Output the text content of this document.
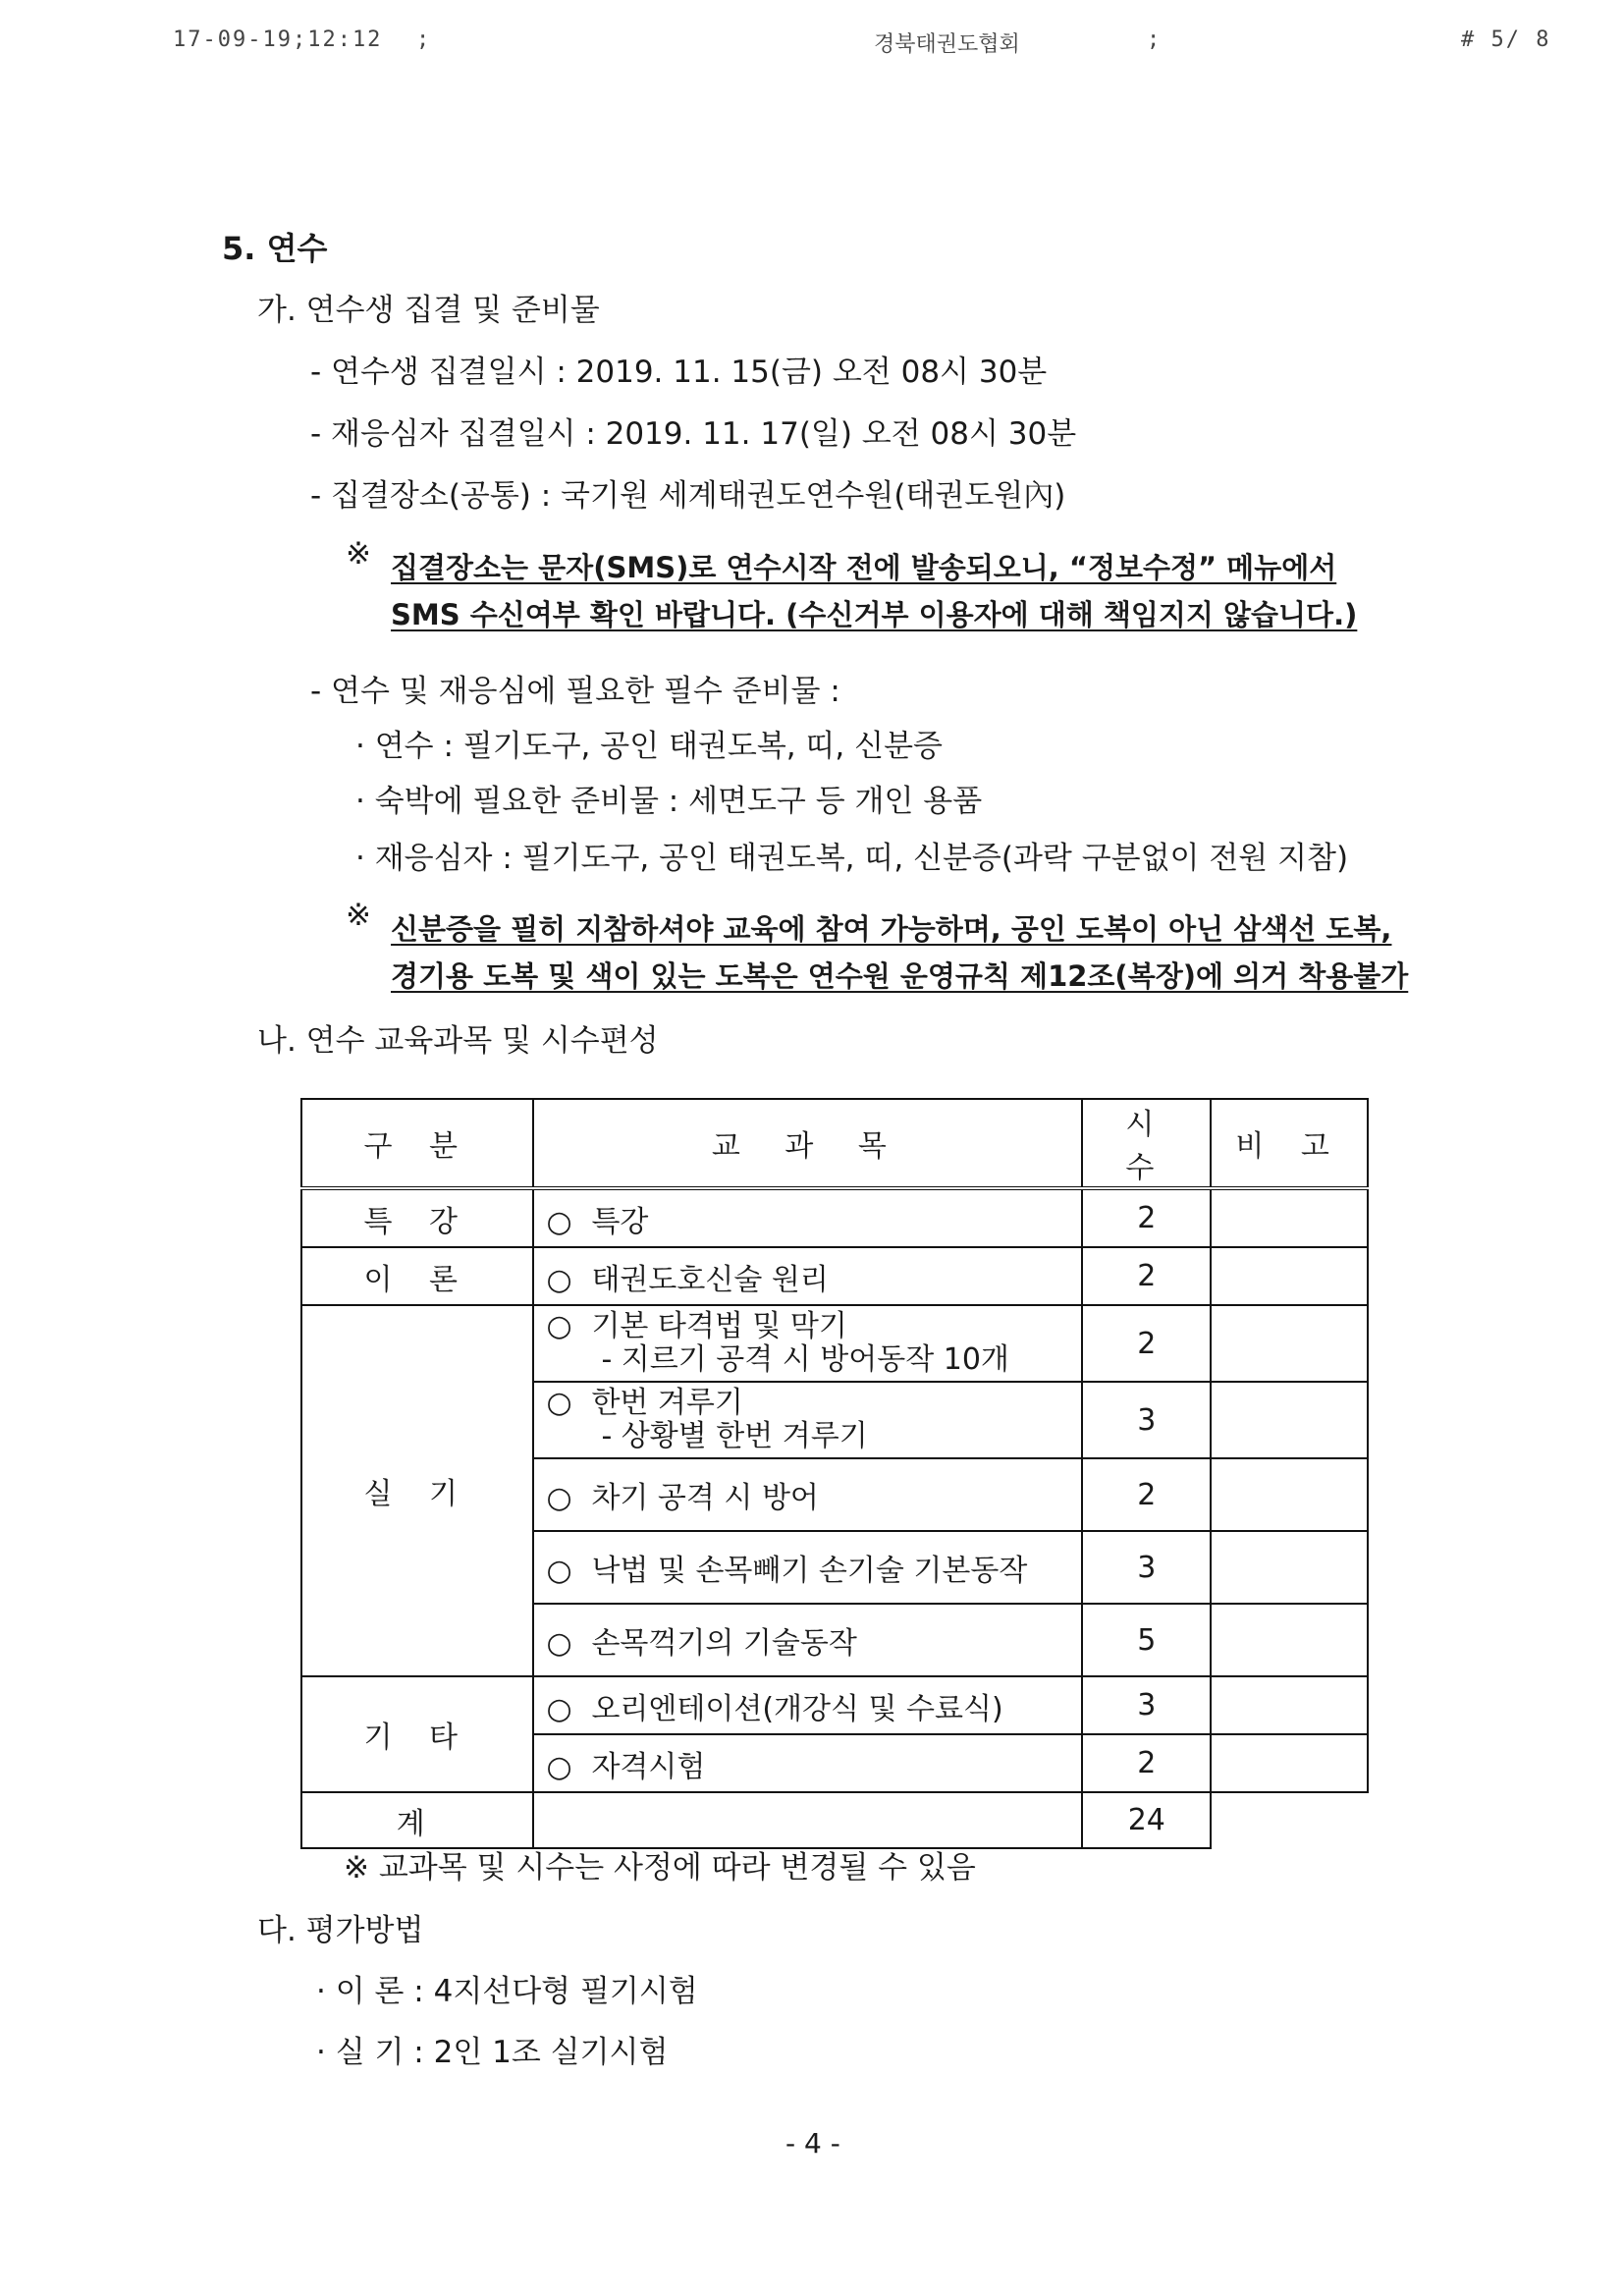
17-09-19;12:12 ;	경북태권도협회	;	# 5/ 8
5. 연수
가. 연수생 집결 및 준비물
- 연수생 집결일시 : 2019. 11. 15(금) 오전 08시 30분
- 재응심자 집결일시 : 2019. 11. 17(일) 오전 08시 30분
- 집결장소(공통) : 국기원 세계태권도연수원(태권도원內)
※ 집결장소는 문자(SMS)로 연수시작 전에 발송되오니, “정보수정” 메뉴에서
SMS 수신여부 확인 바랍니다. (수신거부 이용자에 대해 책임지지 않습니다.)
- 연수 및 재응심에 필요한 필수 준비물 :
· 연수 : 필기도구, 공인 태권도복, 띠, 신분증
· 숙박에 필요한 준비물 : 세면도구 등 개인 용품
· 재응심자 : 필기도구, 공인 태권도복, 띠, 신분증(과락 구분없이 전원 지참)
※ 신분증을 필히 지참하셔야 교육에 참여 가능하며, 공인 도복이 아닌 삼색선 도복,
경기용 도복 및 색이 있는 도복은 연수원 운영규칙 제12조(복장)에 의거 착용불가
나. 연수 교육과목 및 시수편성
구 분	교 과 목	시 수	비 고
특 강	○ 특강	2	
이 론	○ 태권도호신술 원리	2	
실 기	○ 기본 타격법 및 막기
- 지르기 공격 시 방어동작 10개	2	
	○ 한번 겨루기
- 상황별 한번 겨루기	3	
	○ 차기 공격 시 방어	2	
	○ 낙법 및 손목빼기 손기술 기본동작	3	
	○ 손목꺽기의 기술동작	5	
기 타	○ 오리엔테이션(개강식 및 수료식)	3	
	○ 자격시험	2	
계		24	
※ 교과목 및 시수는 사정에 따라 변경될 수 있음
다. 평가방법
· 이 론 : 4지선다형 필기시험
· 실 기 : 2인 1조 실기시험
- 4 -
